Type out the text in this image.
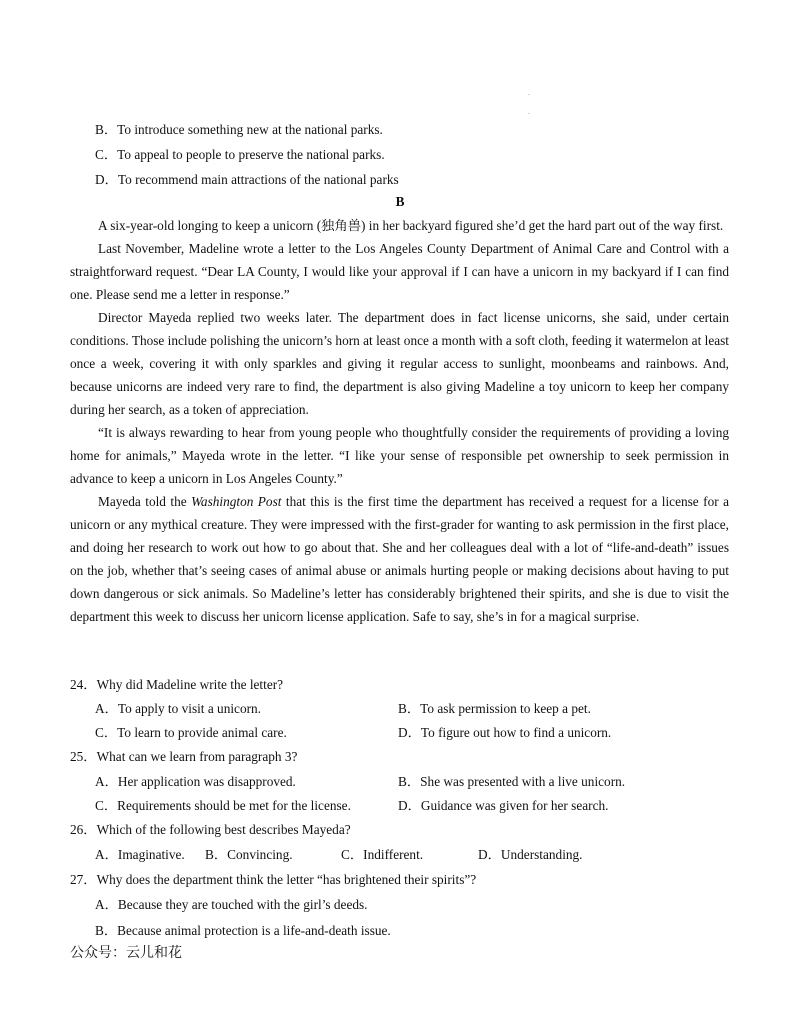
.
.
B．To introduce something new at the national parks.
C．To appeal to people to preserve the national parks.
D．To recommend main attractions of the national parks
B

A six-year-old longing to keep a unicorn (独角兽) in her backyard figured she’d get the hard part out of the way first.

Last November, Madeline wrote a letter to the Los Angeles County Department of Animal Care and Control with a straightforward request. “Dear LA County, I would like your approval if I can have a unicorn in my backyard if I can find one. Please send me a letter in response.”

Director Mayeda replied two weeks later. The department does in fact license unicorns, she said, under certain conditions. Those include polishing the unicorn’s horn at least once a month with a soft cloth, feeding it watermelon at least once a week, covering it with only sparkles and giving it regular access to sunlight, moonbeams and rainbows. And, because unicorns are indeed very rare to find, the department is also giving Madeline a toy unicorn to keep her company during her search, as a token of appreciation.

“It is always rewarding to hear from young people who thoughtfully consider the requirements of providing a loving home for animals,” Mayeda wrote in the letter. “I like your sense of responsible pet ownership to seek permission in advance to keep a unicorn in Los Angeles County.”

Mayeda told the Washington Post that this is the first time the department has received a request for a license for a unicorn or any mythical creature. They were impressed with the first-grader for wanting to ask permission in the first place, and doing her research to work out how to go about that. She and her colleagues deal with a lot of “life-and-death” issues on the job, whether that’s seeing cases of animal abuse or animals hurting people or making decisions about having to put down dangerous or sick animals. So Madeline’s letter has considerably brightened their spirits, and she is due to visit the department this week to discuss her unicorn license application. Safe to say, she’s in for a magical surprise.

24．Why did Madeline write the letter?
A．To apply to visit a unicorn.	B．To ask permission to keep a pet.
C．To learn to provide animal care.	D．To figure out how to find a unicorn.
25．What can we learn from paragraph 3?
A．Her application was disapproved.	B．She was presented with a live unicorn.
C．Requirements should be met for the license.	D．Guidance was given for her search.
26．Which of the following best describes Mayeda?
A．Imaginative. B．Convincing.	C．Indifferent.	D．Understanding.
27．Why does the department think the letter “has brightened their spirits”?
A．Because they are touched with the girl’s deeds.
B．Because animal protection is a life-and-death issue.
公众号：云儿和花
